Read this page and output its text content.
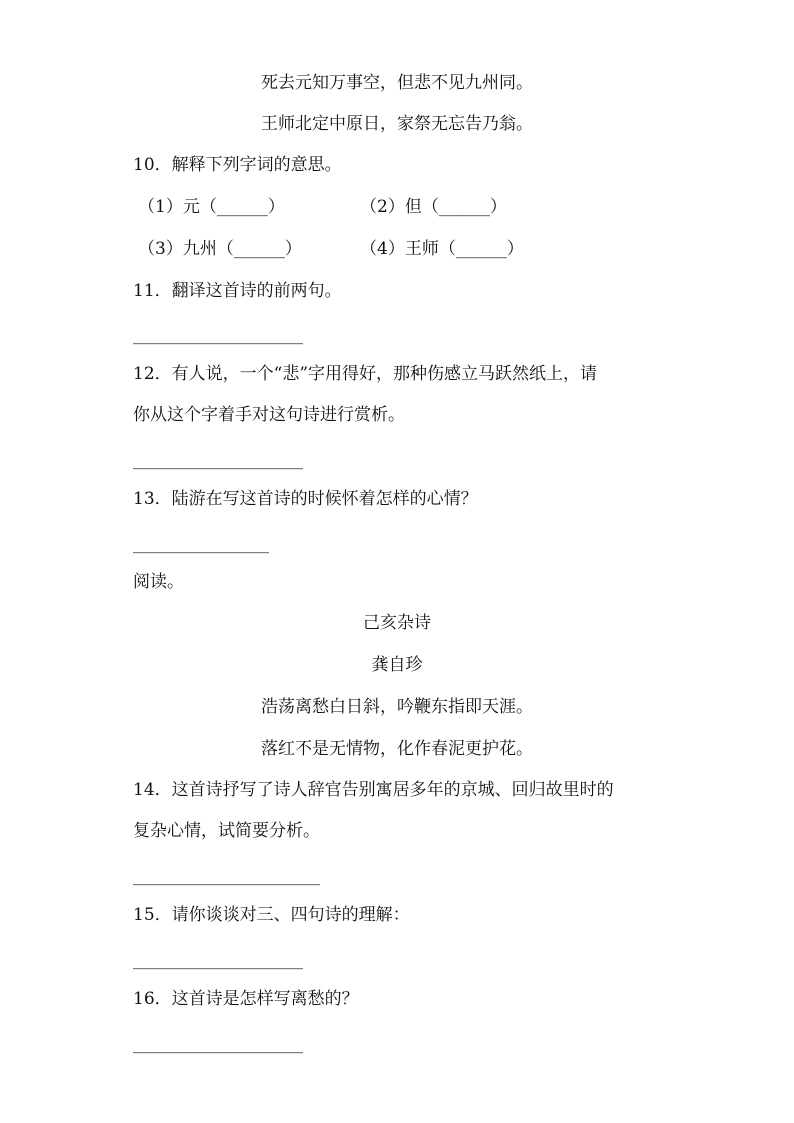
死去元知万事空，但悲不见九州同。
王师北定中原日，家祭无忘告乃翁。
10．解释下列字词的意思。
（1）元（______）	（2）但（______）
（3）九州（______）	（4）王师（______）
11．翻译这首诗的前两句。
____________________
12．有人说，一个“悲”字用得好，那种伤感立马跃然纸上，请
你从这个字着手对这句诗进行赏析。
____________________
13．陆游在写这首诗的时候怀着怎样的心情？
________________
阅读。
己亥杂诗
龚自珍
浩荡离愁白日斜，吟鞭东指即天涯。
落红不是无情物，化作春泥更护花。
14．这首诗抒写了诗人辞官告别寓居多年的京城、回归故里时的
复杂心情，试简要分析。
______________________
15．请你谈谈对三、四句诗的理解：
____________________
16．这首诗是怎样写离愁的？
____________________
